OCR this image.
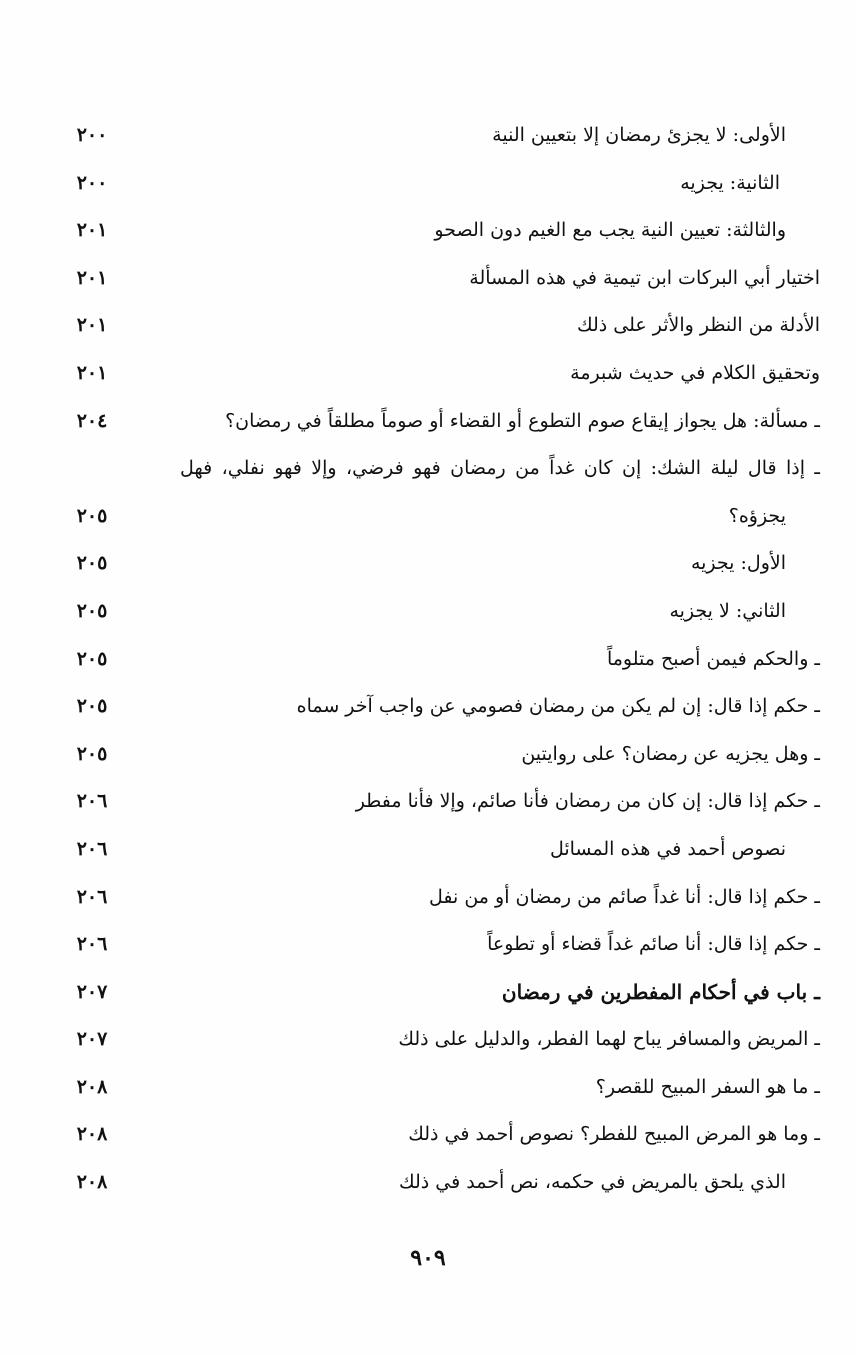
الأولى: لا يجزئ رمضان إلا بتعيين النية
٢٠٠
الثانية: يجزيه
٢٠٠
والثالثة: تعيين النية يجب مع الغيم دون الصحو
٢٠١
اختيار أبي البركات ابن تيمية في هذه المسألة
٢٠١
الأدلة من النظر والأثر على ذلك
٢٠١
وتحقيق الكلام في حديث شبرمة
٢٠١
ـ مسألة: هل يجواز إيقاع صوم التطوع أو القضاء أو صوماً مطلقاً في رمضان؟
٢٠٤
ـ إذا قال ليلة الشك: إن كان غداً من رمضان فهو فرضي، وإلا فهو نفلي، فهل
يجزؤه؟
٢٠٥
الأول: يجزيه
٢٠٥
الثاني: لا يجزيه
٢٠٥
ـ والحكم فيمن أصبح متلوماً
٢٠٥
ـ حكم إذا قال: إن لم يكن من رمضان فصومي عن واجب آخر سماه
٢٠٥
ـ وهل يجزيه عن رمضان؟ على روايتين
٢٠٥
ـ حكم إذا قال: إن كان من رمضان فأنا صائم، وإلا فأنا مفطر
٢٠٦
نصوص أحمد في هذه المسائل
٢٠٦
ـ حكم إذا قال: أنا غداً صائم من رمضان أو من نفل
٢٠٦
ـ حكم إذا قال: أنا صائم غداً قضاء أو تطوعاً
٢٠٦
ـ باب في أحكام المفطرين في رمضان
٢٠٧
ـ المريض والمسافر يباح لهما الفطر، والدليل على ذلك
٢٠٧
ـ ما هو السفر المبيح للقصر؟
٢٠٨
ـ وما هو المرض المبيح للفطر؟ نصوص أحمد في ذلك
٢٠٨
الذي يلحق بالمريض في حكمه، نص أحمد في ذلك
٢٠٨
٩٠٩
